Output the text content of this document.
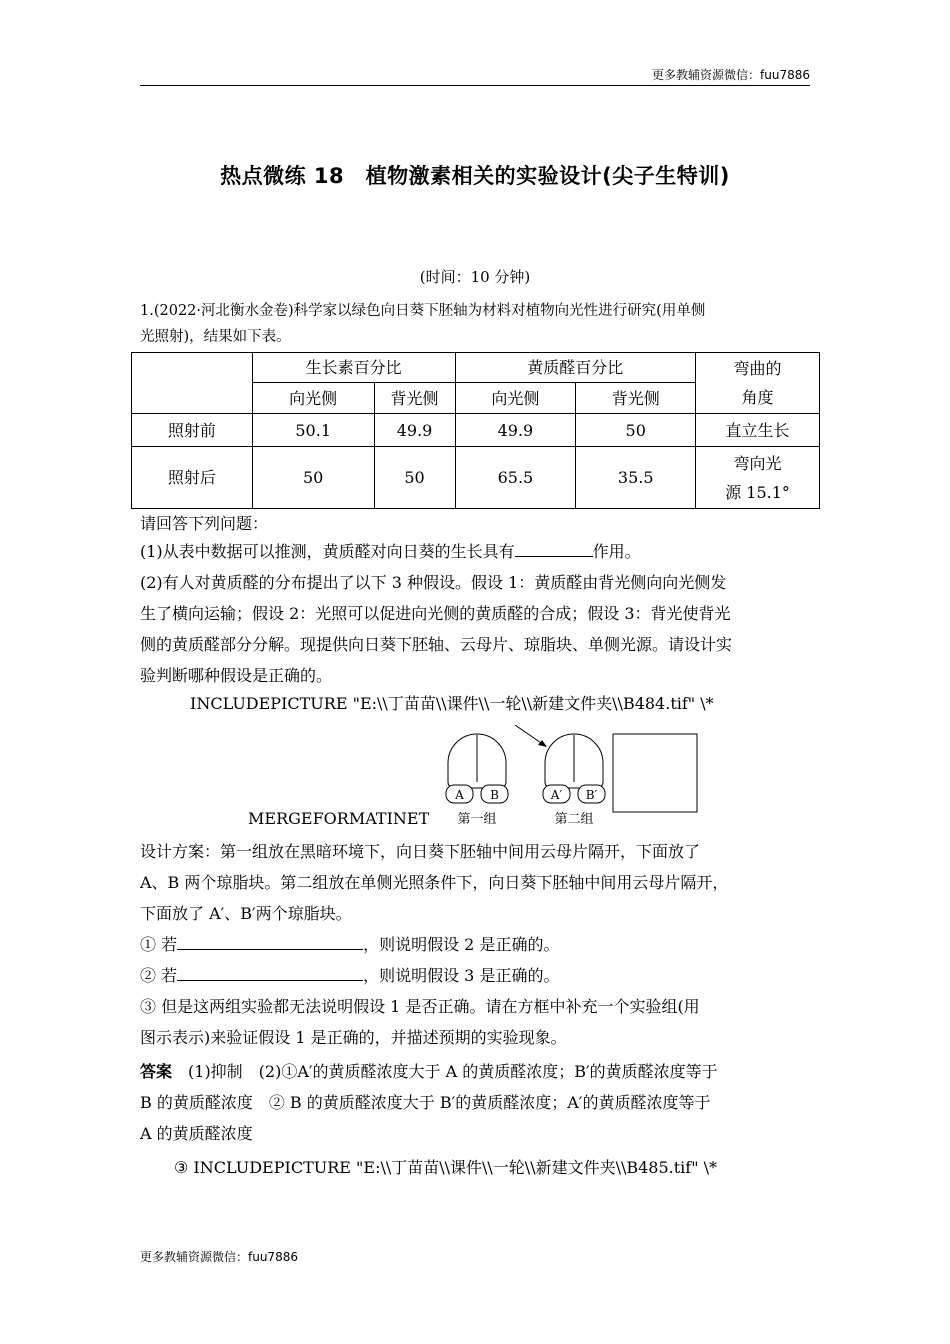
更多教辅资源微信：fuu7886
热点微练 18　植物激素相关的实验设计(尖子生特训)
(时间：10 分钟)
1.(2022·河北衡水金卷)科学家以绿色向日葵下胚轴为材料对植物向光性进行研究(用单侧
光照射)，结果如下表。
	生长素百分比		黄质醛百分比		弯曲的
角度

	向光侧	背光侧	向光侧	背光侧	
照射前	50.1	49.9	49.9	50	直立生长
照射后	50	50	65.5	35.5	弯向光
源 15.1°
请回答下列问题：
(1)从表中数据可以推测，黄质醛对向日葵的生长具有	作用。
(2)有人对黄质醛的分布提出了以下 3 种假设。假设 1：黄质醛由背光侧向向光侧发
生了横向运输；假设 2：光照可以促进向光侧的黄质醛的合成；假设 3：背光使背光
侧的黄质醛部分分解。现提供向日葵下胚轴、云母片、琼脂块、单侧光源。请设计实
验判断哪种假设是正确的。
INCLUDEPICTURE "E:\\丁苗苗\\课件\\一轮\\新建文件夹\\B484.tif" \*
A B
第一组
A′ B′
第二组
MERGEFORMATINET
设计方案：第一组放在黑暗环境下，向日葵下胚轴中间用云母片隔开，下面放了
A、B 两个琼脂块。第二组放在单侧光照条件下，向日葵下胚轴中间用云母片隔开，
下面放了 A′、B′两个琼脂块。
① 若	，则说明假设 2 是正确的。
② 若	，则说明假设 3 是正确的。
③ 但是这两组实验都无法说明假设 1 是否正确。请在方框中补充一个实验组(用
图示表示)来验证假设 1 是正确的，并描述预期的实验现象。
答案　(1)抑制　(2)①A′的黄质醛浓度大于 A 的黄质醛浓度；B′的黄质醛浓度等于
B 的黄质醛浓度　② B 的黄质醛浓度大于 B′的黄质醛浓度；A′的黄质醛浓度等于
A 的黄质醛浓度
③ INCLUDEPICTURE "E:\\丁苗苗\\课件\\一轮\\新建文件夹\\B485.tif" \*
更多教辅资源微信：fuu7886
